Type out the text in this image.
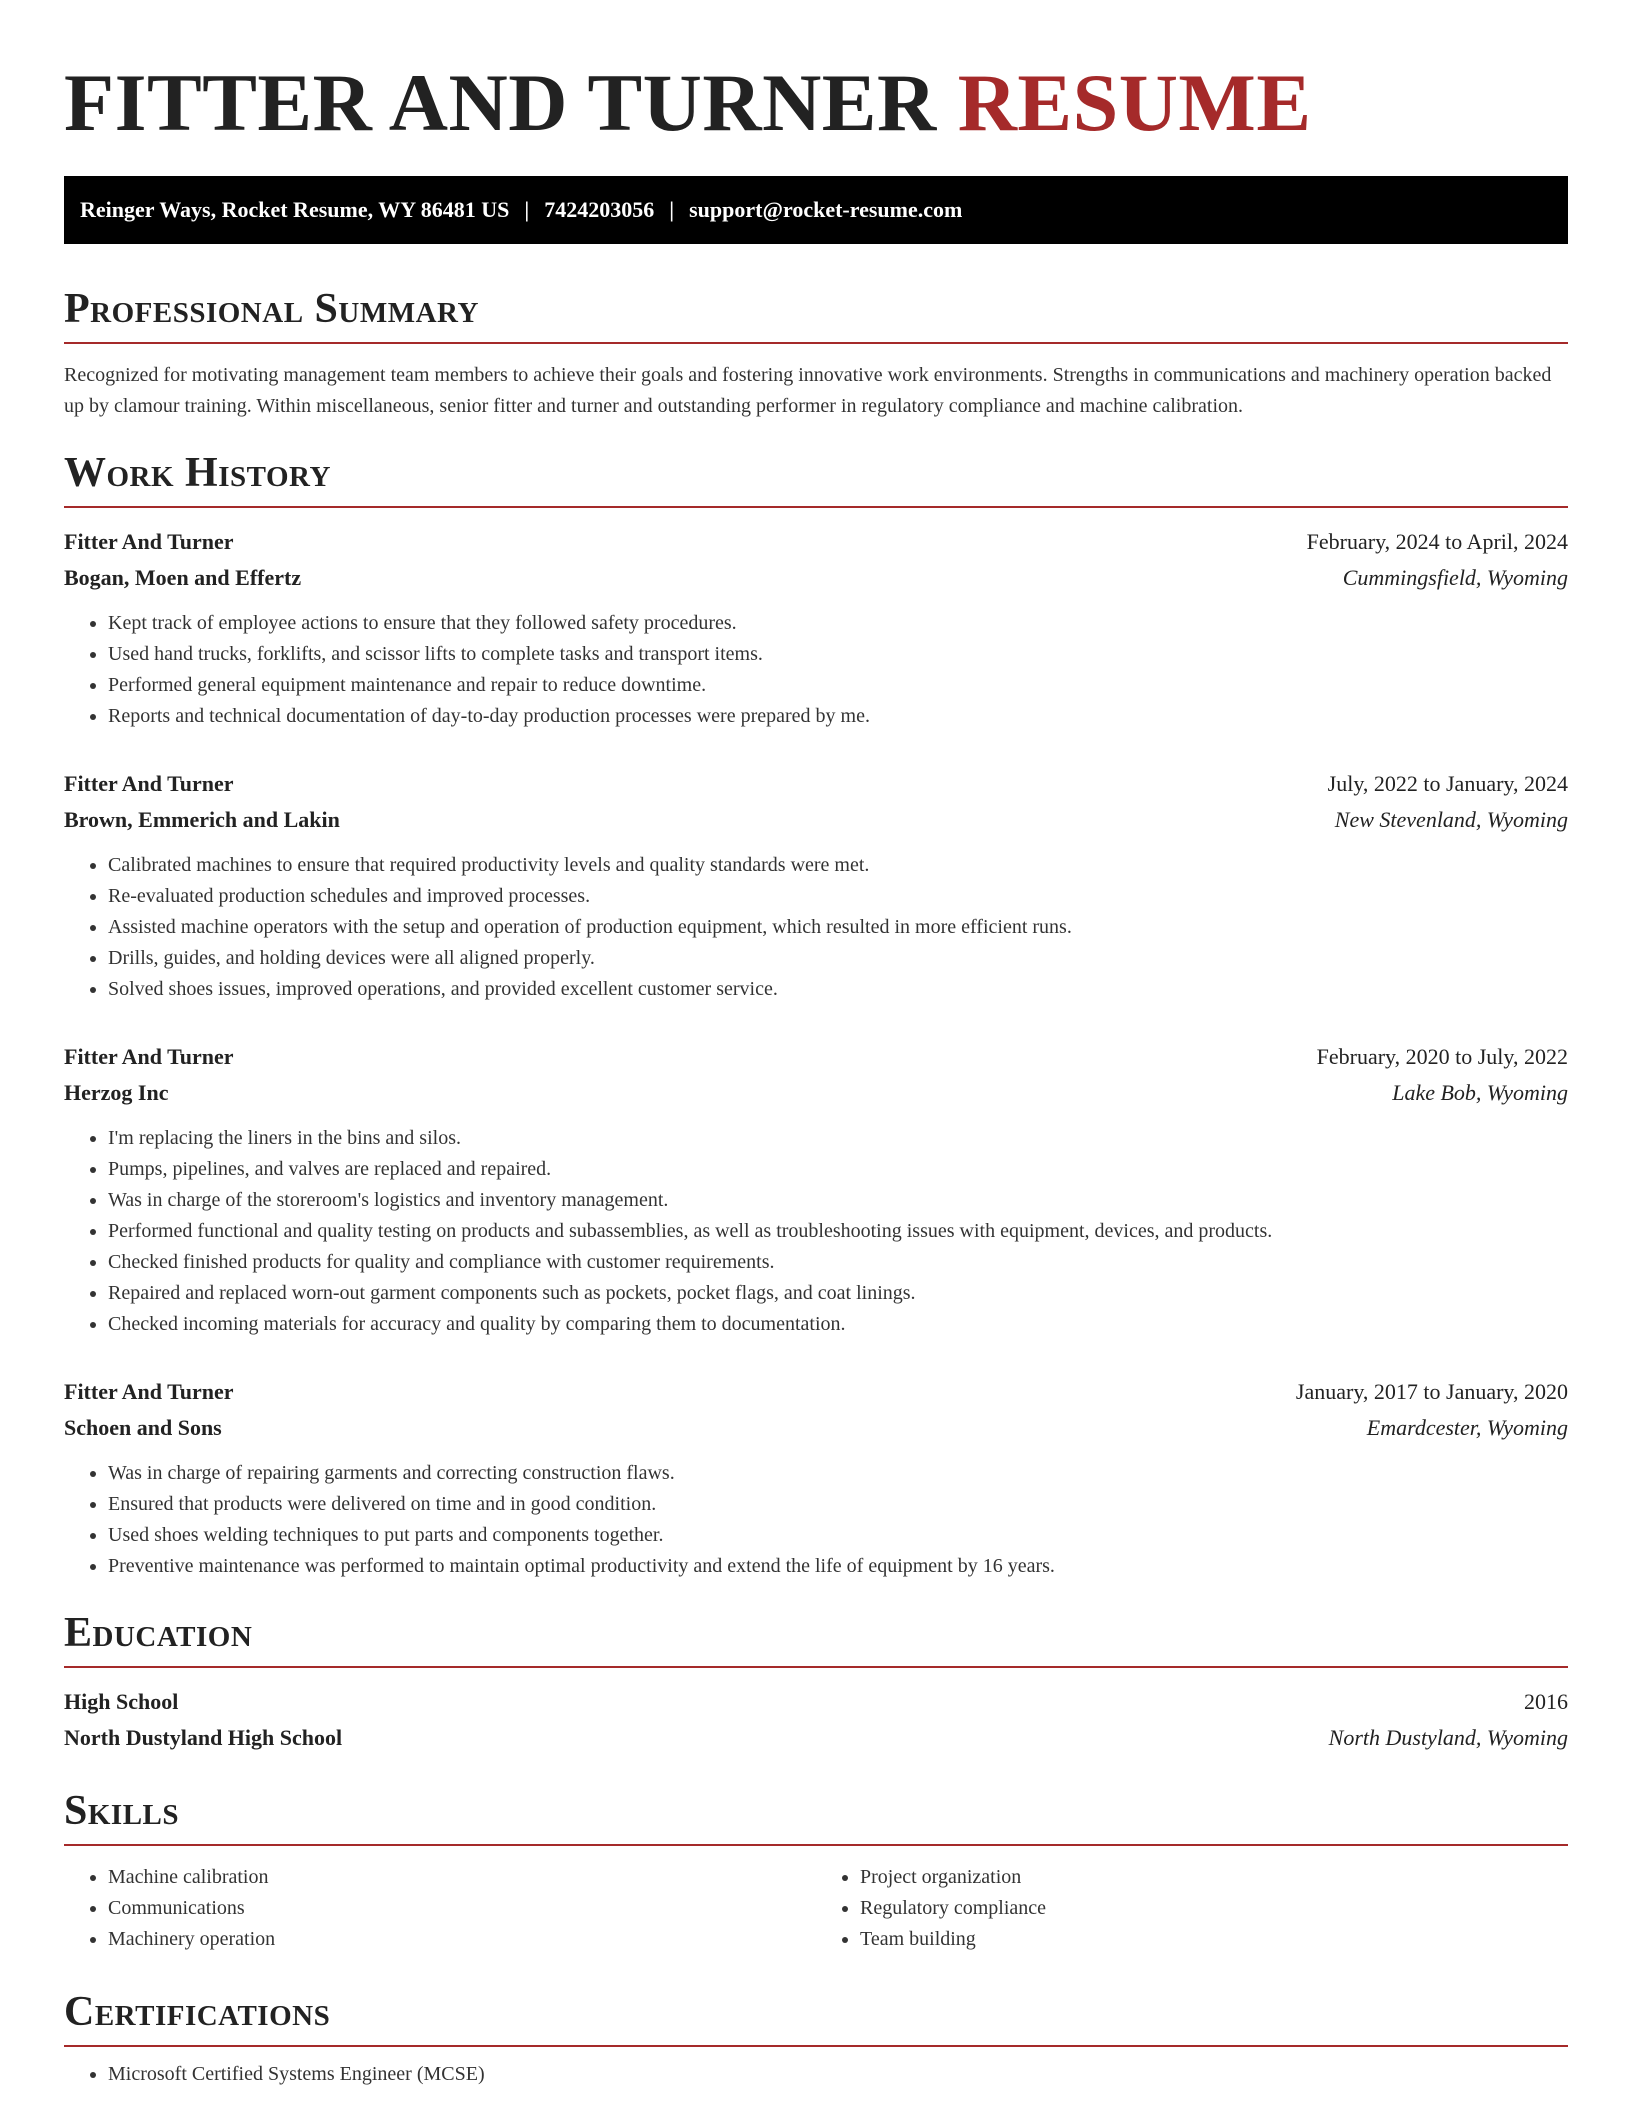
FITTER AND TURNER RESUME
Reinger Ways, Rocket Resume, WY 86481 US | 7424203056 | support@rocket-resume.com
Professional Summary

Recognized for motivating management team members to achieve their goals and fostering innovative work environments. Strengths in communications and machinery operation backed up by clamour training. Within miscellaneous, senior fitter and turner and outstanding performer in regulatory compliance and machine calibration.

Work History
Fitter And Turner	February, 2024 to April, 2024
Bogan, Moen and Effertz	Cummingsfield, Wyoming
• Kept track of employee actions to ensure that they followed safety procedures.
• Used hand trucks, forklifts, and scissor lifts to complete tasks and transport items.
• Performed general equipment maintenance and repair to reduce downtime.
• Reports and technical documentation of day-to-day production processes were prepared by me.
Fitter And Turner	July, 2022 to January, 2024
Brown, Emmerich and Lakin	New Stevenland, Wyoming
• Calibrated machines to ensure that required productivity levels and quality standards were met.
• Re-evaluated production schedules and improved processes.
• Assisted machine operators with the setup and operation of production equipment, which resulted in more efficient runs.
• Drills, guides, and holding devices were all aligned properly.
• Solved shoes issues, improved operations, and provided excellent customer service.
Fitter And Turner	February, 2020 to July, 2022
Herzog Inc	Lake Bob, Wyoming
• I'm replacing the liners in the bins and silos.
• Pumps, pipelines, and valves are replaced and repaired.
• Was in charge of the storeroom's logistics and inventory management.
• Performed functional and quality testing on products and subassemblies, as well as troubleshooting issues with equipment, devices, and products.
• Checked finished products for quality and compliance with customer requirements.
• Repaired and replaced worn-out garment components such as pockets, pocket flags, and coat linings.
• Checked incoming materials for accuracy and quality by comparing them to documentation.
Fitter And Turner	January, 2017 to January, 2020
Schoen and Sons	Emardcester, Wyoming
• Was in charge of repairing garments and correcting construction flaws.
• Ensured that products were delivered on time and in good condition.
• Used shoes welding techniques to put parts and components together.
• Preventive maintenance was performed to maintain optimal productivity and extend the life of equipment by 16 years.
Education
High School	2016
North Dustyland High School	North Dustyland, Wyoming
Skills
• Machine calibration
• Communications
• Machinery operation
• Project organization
• Regulatory compliance
• Team building
Certifications
• Microsoft Certified Systems Engineer (MCSE)
